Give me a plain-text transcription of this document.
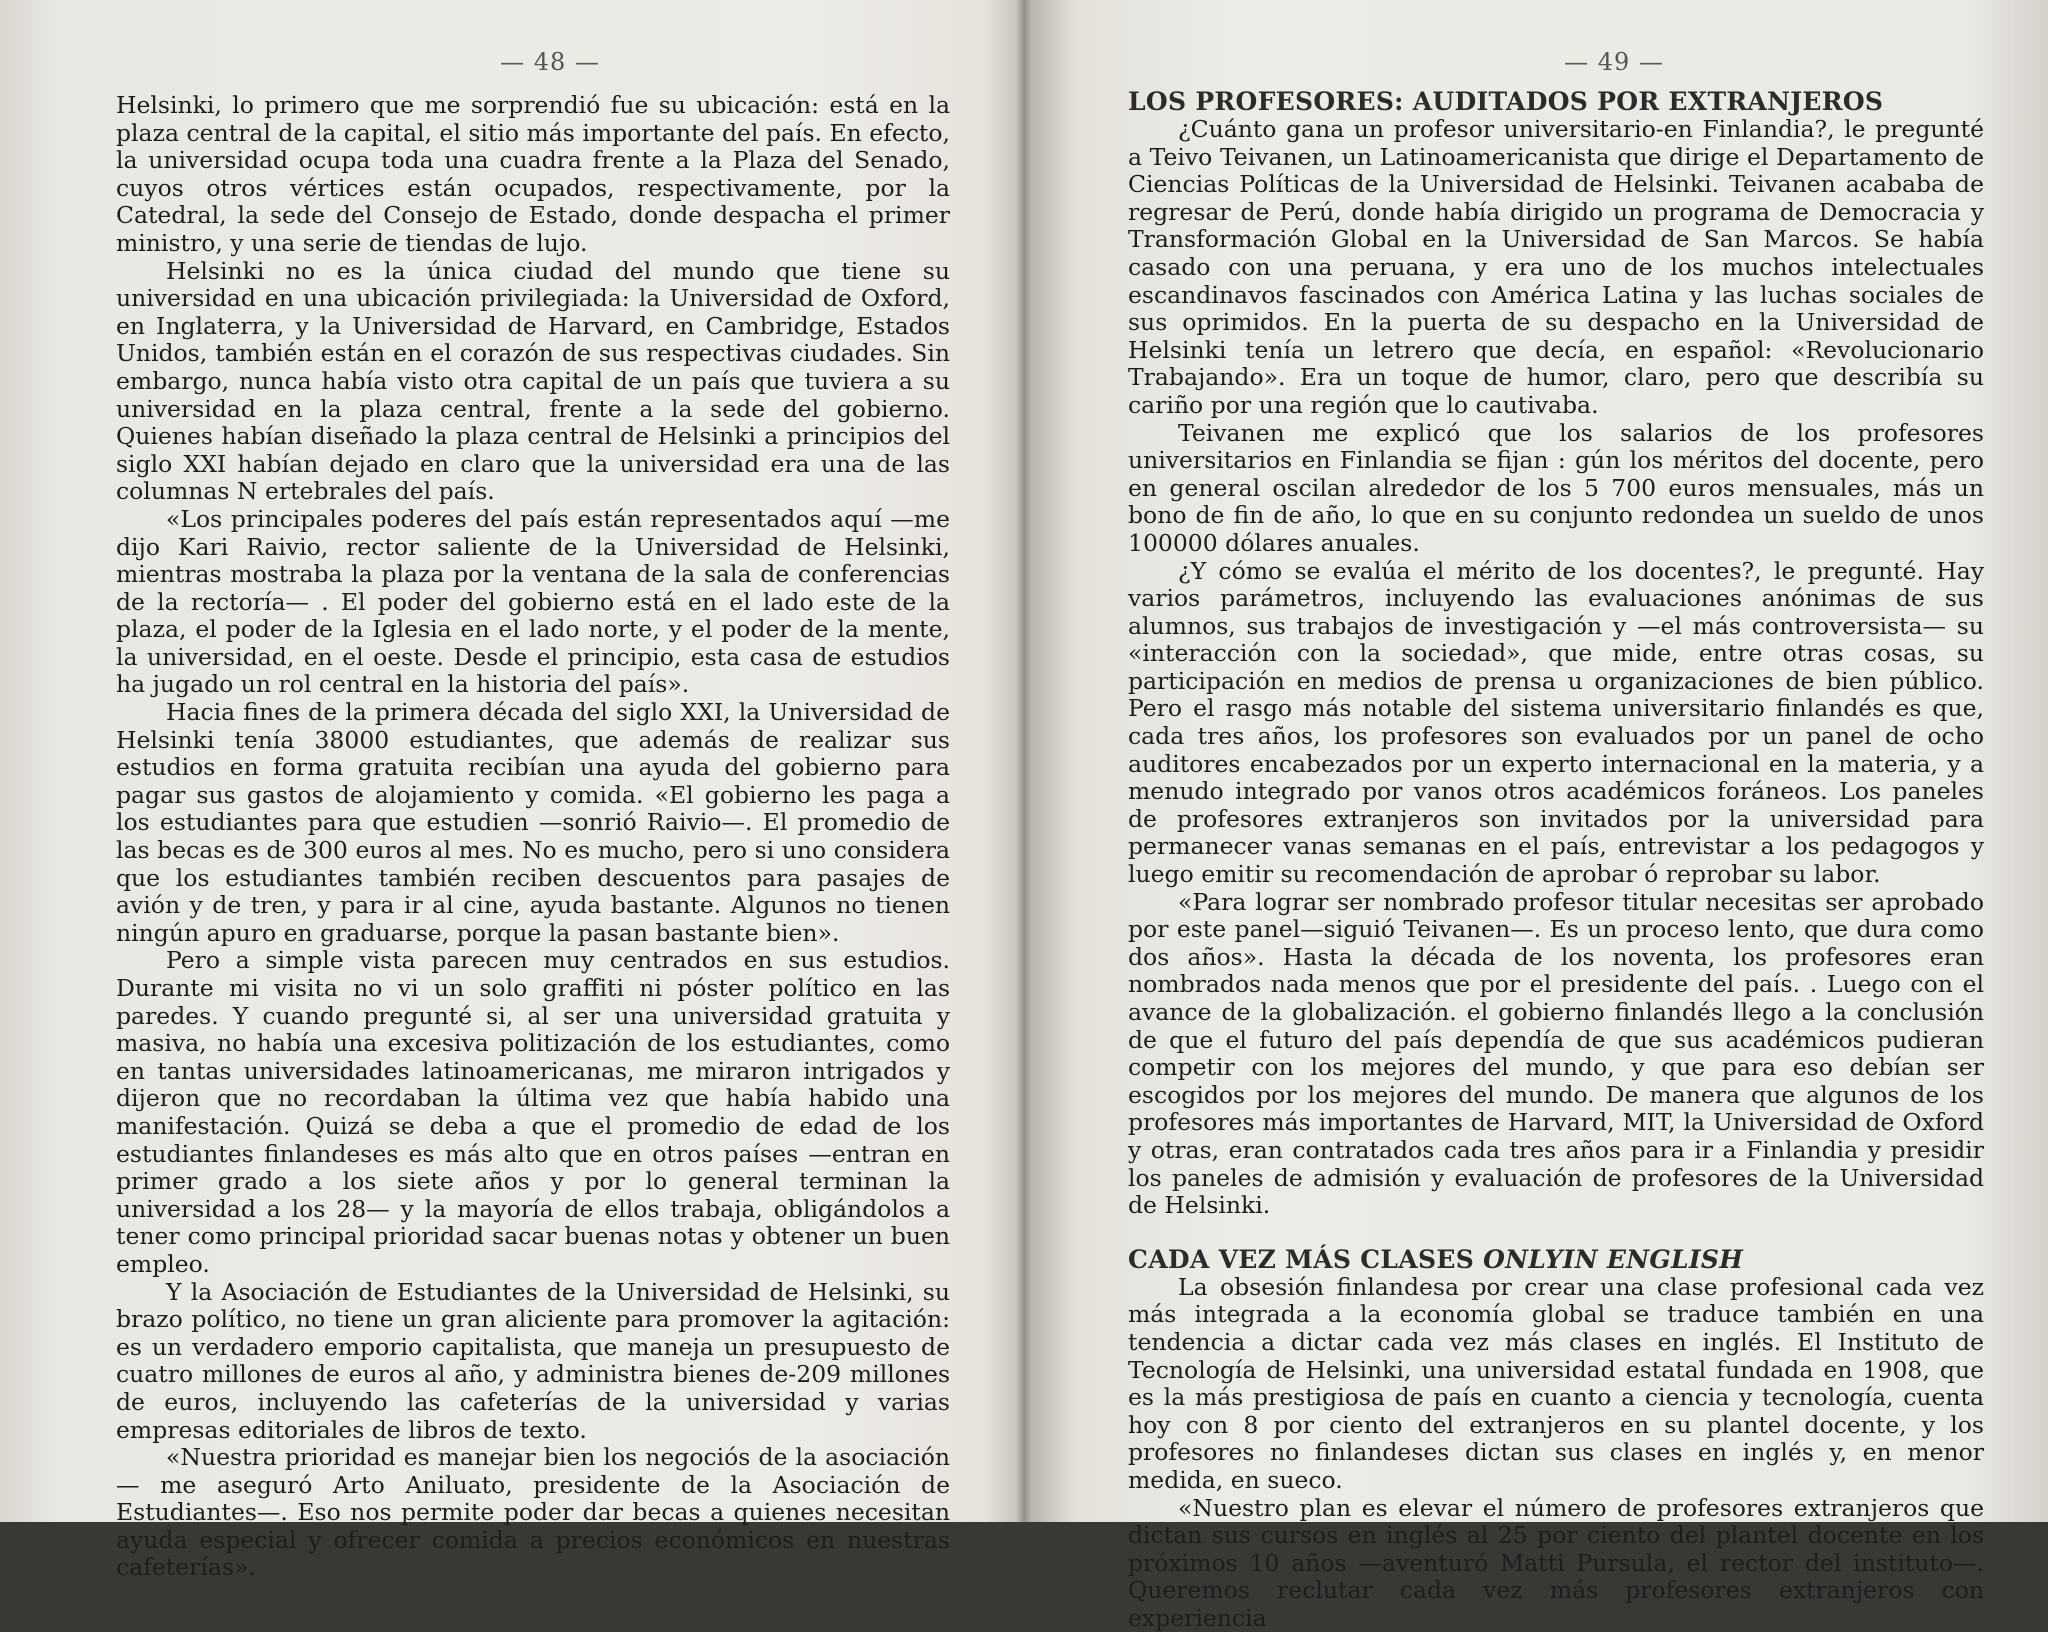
— 48 —

Helsinki, lo primero que me sorprendió fue su ubicación: está en la plaza central de la capital, el sitio más importante del país. En efecto, la universidad ocupa toda una cuadra frente a la Plaza del Senado, cuyos otros vértices están ocupados, respectivamente, por la Catedral, la sede del Consejo de Estado, donde despacha el primer ministro, y una serie de tiendas de lujo.

Helsinki no es la única ciudad del mundo que tiene su universidad en una ubicación privilegiada: la Universidad de Oxford, en Inglaterra, y la Universidad de Harvard, en Cambridge, Estados Unidos, también están en el corazón de sus respectivas ciudades. Sin embargo, nunca había visto otra capital de un país que tuviera a su universidad en la plaza central, frente a la sede del gobierno. Quienes habían diseñado la plaza central de Helsinki a principios del siglo XXI habían dejado en claro que la universidad era una de las columnas N ertebrales del país.

«Los principales poderes del país están representados aquí —me dijo Kari Raivio, rector saliente de la Universidad de Helsinki, mientras mostraba la plaza por la ventana de la sala de conferencias de la rectoría— . El poder del gobierno está en el lado este de la plaza, el poder de la Iglesia en el lado norte, y el poder de la mente, la universidad, en el oeste. Desde el principio, esta casa de estudios ha jugado un rol central en la historia del país».

Hacia fines de la primera década del siglo XXI, la Universidad de Helsinki tenía 38000 estudiantes, que además de realizar sus estudios en forma gratuita recibían una ayuda del gobierno para pagar sus gastos de alojamiento y comida. «El gobierno les paga a los estudiantes para que estudien —sonrió Raivio—. El promedio de las becas es de 300 euros al mes. No es mucho, pero si uno considera que los estudiantes también reciben descuentos para pasajes de avión y de tren, y para ir al cine, ayuda bastante. Algunos no tienen ningún apuro en graduarse, porque la pasan bastante bien».

Pero a simple vista parecen muy centrados en sus estudios. Durante mi visita no vi un solo graffiti ni póster político en las paredes. Y cuando pregunté si, al ser una universidad gratuita y masiva, no había una excesiva politización de los estudiantes, como en tantas universidades latinoamericanas, me miraron intrigados y dijeron que no recordaban la última vez que había habido una manifestación. Quizá se deba a que el promedio de edad de los estudiantes finlandeses es más alto que en otros países —entran en primer grado a los siete años y por lo general terminan la universidad a los 28— y la mayoría de ellos trabaja, obligándolos a tener como principal prioridad sacar buenas notas y obtener un buen empleo.

Y la Asociación de Estudiantes de la Universidad de Helsinki, su brazo político, no tiene un gran aliciente para promover la agitación: es un verdadero emporio capitalista, que maneja un presupuesto de cuatro millones de euros al año, y administra bienes de-209 millones de euros, incluyendo las cafeterías de la universidad y varias empresas editoriales de libros de texto.

«Nuestra prioridad es manejar bien los negociós de la asociación — me aseguró Arto Aniluato, presidente de la Asociación de Estudiantes—. Eso nos permite poder dar becas a quienes necesitan ayuda especial y ofrecer comida a precios económicos en nuestras cafeterías».

— 49 —
LOS PROFESORES: AUDITADOS POR EXTRANJEROS

¿Cuánto gana un profesor universitario-en Finlandia?, le pregunté a Teivo Teivanen, un Latinoamericanista que dirige el Departamento de Ciencias Políticas de la Universidad de Helsinki. Teivanen acababa de regresar de Perú, donde había dirigido un programa de Democracia y Transformación Global en la Universidad de San Marcos. Se había casado con una peruana, y era uno de los muchos intelectuales escandinavos fascinados con América Latina y las luchas sociales de sus oprimidos. En la puerta de su despacho en la Universidad de Helsinki tenía un letrero que decía, en español: «Revolucionario Trabajando». Era un toque de humor, claro, pero que describía su cariño por una región que lo cautivaba.

Teivanen me explicó que los salarios de los profesores universitarios en Finlandia se fijan : gún los méritos del docente, pero en general oscilan alrededor de los 5 700 euros mensuales, más un bono de fin de año, lo que en su conjunto redondea un sueldo de unos 100000 dólares anuales.

¿Y cómo se evalúa el mérito de los docentes?, le pregunté. Hay varios parámetros, incluyendo las evaluaciones anónimas de sus alumnos, sus trabajos de investigación y —el más controversista— su «interacción con la sociedad», que mide, entre otras cosas, su participación en medios de prensa u organizaciones de bien público. Pero el rasgo más notable del sistema universitario finlandés es que, cada tres años, los profesores son evaluados por un panel de ocho auditores encabezados por un experto internacional en la materia, y a menudo integrado por vanos otros académicos foráneos. Los paneles de profesores extranjeros son invitados por la universidad para permanecer vanas semanas en el país, entrevistar a los pedagogos y luego emitir su recomendación de aprobar ó reprobar su labor.

«Para lograr ser nombrado profesor titular necesitas ser aprobado por este panel—siguió Teivanen—. Es un proceso lento, que dura como dos años». Hasta la década de los noventa, los profesores eran nombrados nada menos que por el presidente del país. . Luego con el avance de la globalización. el gobierno finlandés llego a la conclusión de que el futuro del país dependía de que sus académicos pudieran competir con los mejores del mundo, y que para eso debían ser escogidos por los mejores del mundo. De manera que algunos de los profesores más importantes de Harvard, MIT, la Universidad de Oxford y otras, eran contratados cada tres años para ir a Finlandia y presidir los paneles de admisión y evaluación de profesores de la Universidad de Helsinki.

CADA VEZ MÁS CLASES ONLYIN ENGLISH

La obsesión finlandesa por crear una clase profesional cada vez más integrada a la economía global se traduce también en una tendencia a dictar cada vez más clases en inglés. El Instituto de Tecnología de Helsinki, una universidad estatal fundada en 1908, que es la más prestigiosa de país en cuanto a ciencia y tecnología, cuenta hoy con 8 por ciento del extranjeros en su plantel docente, y los profesores no finlandeses dictan sus clases en inglés y, en menor medida, en sueco.

«Nuestro plan es elevar el número de profesores extranjeros que dictan sus cursos en inglés al 25 por ciento del plantel docente en los próximos 10 años —aventuró Matti Pursula, el rector del instituto—. Queremos reclutar cada vez más profesores extranjeros con experiencia
